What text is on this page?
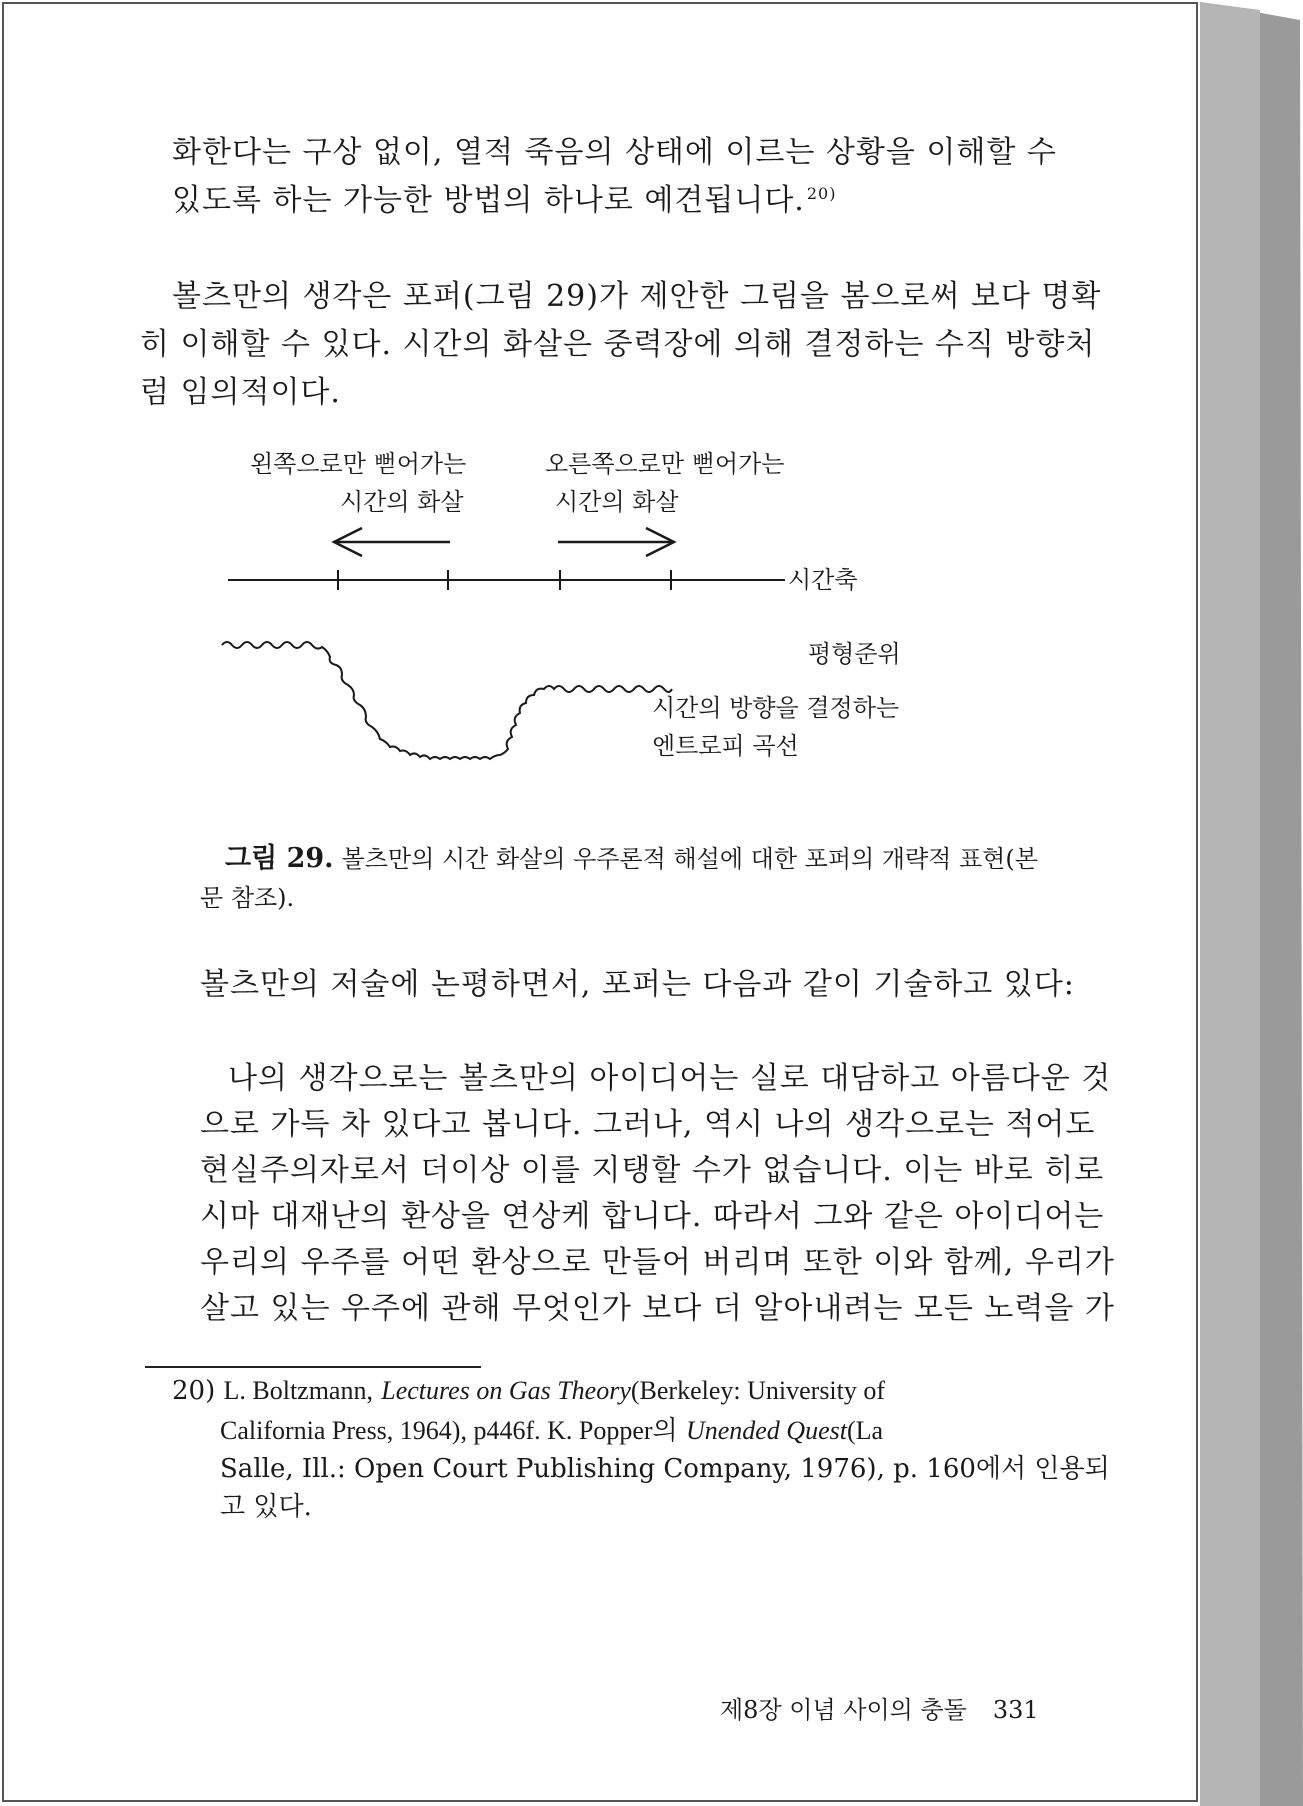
화한다는 구상 없이, 열적 죽음의 상태에 이르는 상황을 이해할 수
있도록 하는 가능한 방법의 하나로 예견됩니다. $^{20)}$
볼츠만의 생각은 포퍼(그림 29)가 제안한 그림을 봄으로써 보다 명확
히 이해할 수 있다. 시간의 화살은 중력장에 의해 결정하는 수직 방향처
럼 임의적이다.
왼쪽으로만 뻗어가는
시간의 화살
오른쪽으로만 뻗어가는
시간의 화살
시간축
평형준위
시간의 방향을 결정하는
엔트로피 곡선
그림 29. 볼츠만의 시간 화살의 우주론적 해설에 대한 포퍼의 개략적 표현(본
문 참조).
볼츠만의 저술에 논평하면서, 포퍼는 다음과 같이 기술하고 있다:
나의 생각으로는 볼츠만의 아이디어는 실로 대담하고 아름다운 것
으로 가득 차 있다고 봅니다. 그러나, 역시 나의 생각으로는 적어도
현실주의자로서 더이상 이를 지탱할 수가 없습니다. 이는 바로 히로
시마 대재난의 환상을 연상케 합니다. 따라서 그와 같은 아이디어는
우리의 우주를 어떤 환상으로 만들어 버리며 또한 이와 함께, 우리가
살고 있는 우주에 관해 무엇인가 보다 더 알아내려는 모든 노력을 가
20) L. Boltzmann, Lectures on Gas Theory(Berkeley: University of
California Press, 1964), p446f. K. Popper의 Unended Quest(La
Salle, Ill.: Open Court Publishing Company, 1976), p. 160에서 인용되
고 있다.
제8장 이념 사이의 충돌 331
